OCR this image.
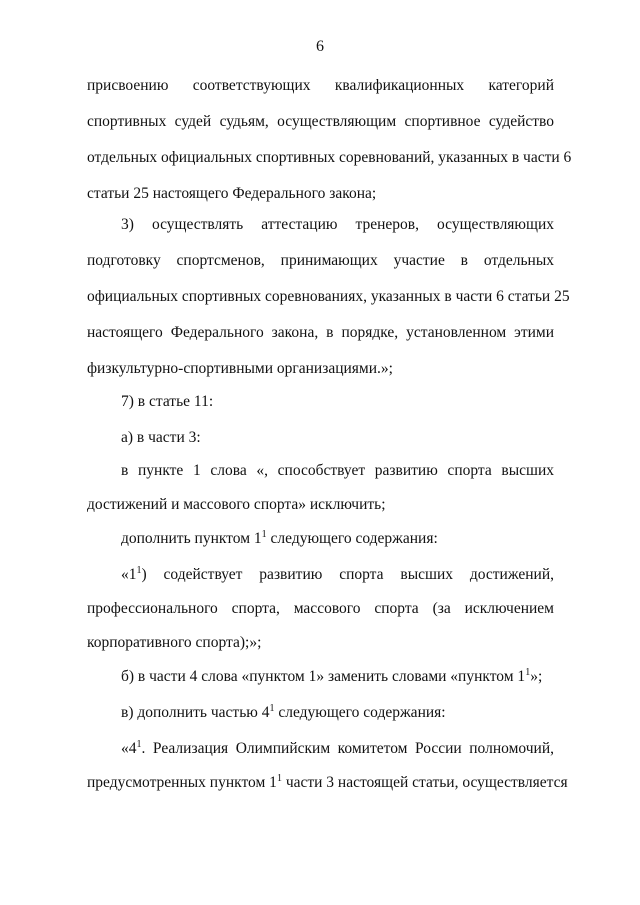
6
присвоению соответствующих квалификационных категорий
спортивных судей судьям, осуществляющим спортивное судейство
отдельных официальных спортивных соревнований, указанных в части 6
статьи 25 настоящего Федерального закона;
3) осуществлять аттестацию тренеров, осуществляющих
подготовку спортсменов, принимающих участие в отдельных
официальных спортивных соревнованиях, указанных в части 6 статьи 25
настоящего Федерального закона, в порядке, установленном этими
физкультурно-спортивными организациями.»;
7) в статье 11:
а) в части 3:
в пункте 1 слова «, способствует развитию спорта высших
достижений и массового спорта» исключить;
дополнить пунктом $1^1$ следующего содержания:
«$1^1$) содействует развитию спорта высших достижений,
профессионального спорта, массового спорта (за исключением
корпоративного спорта);»;
б) в части 4 слова «пунктом 1» заменить словами «пунктом $1^1$»;
в) дополнить частью $4^1$ следующего содержания:
«$4^1$. Реализация Олимпийским комитетом России полномочий,
предусмотренных пунктом $1^1$ части 3 настоящей статьи, осуществляется
